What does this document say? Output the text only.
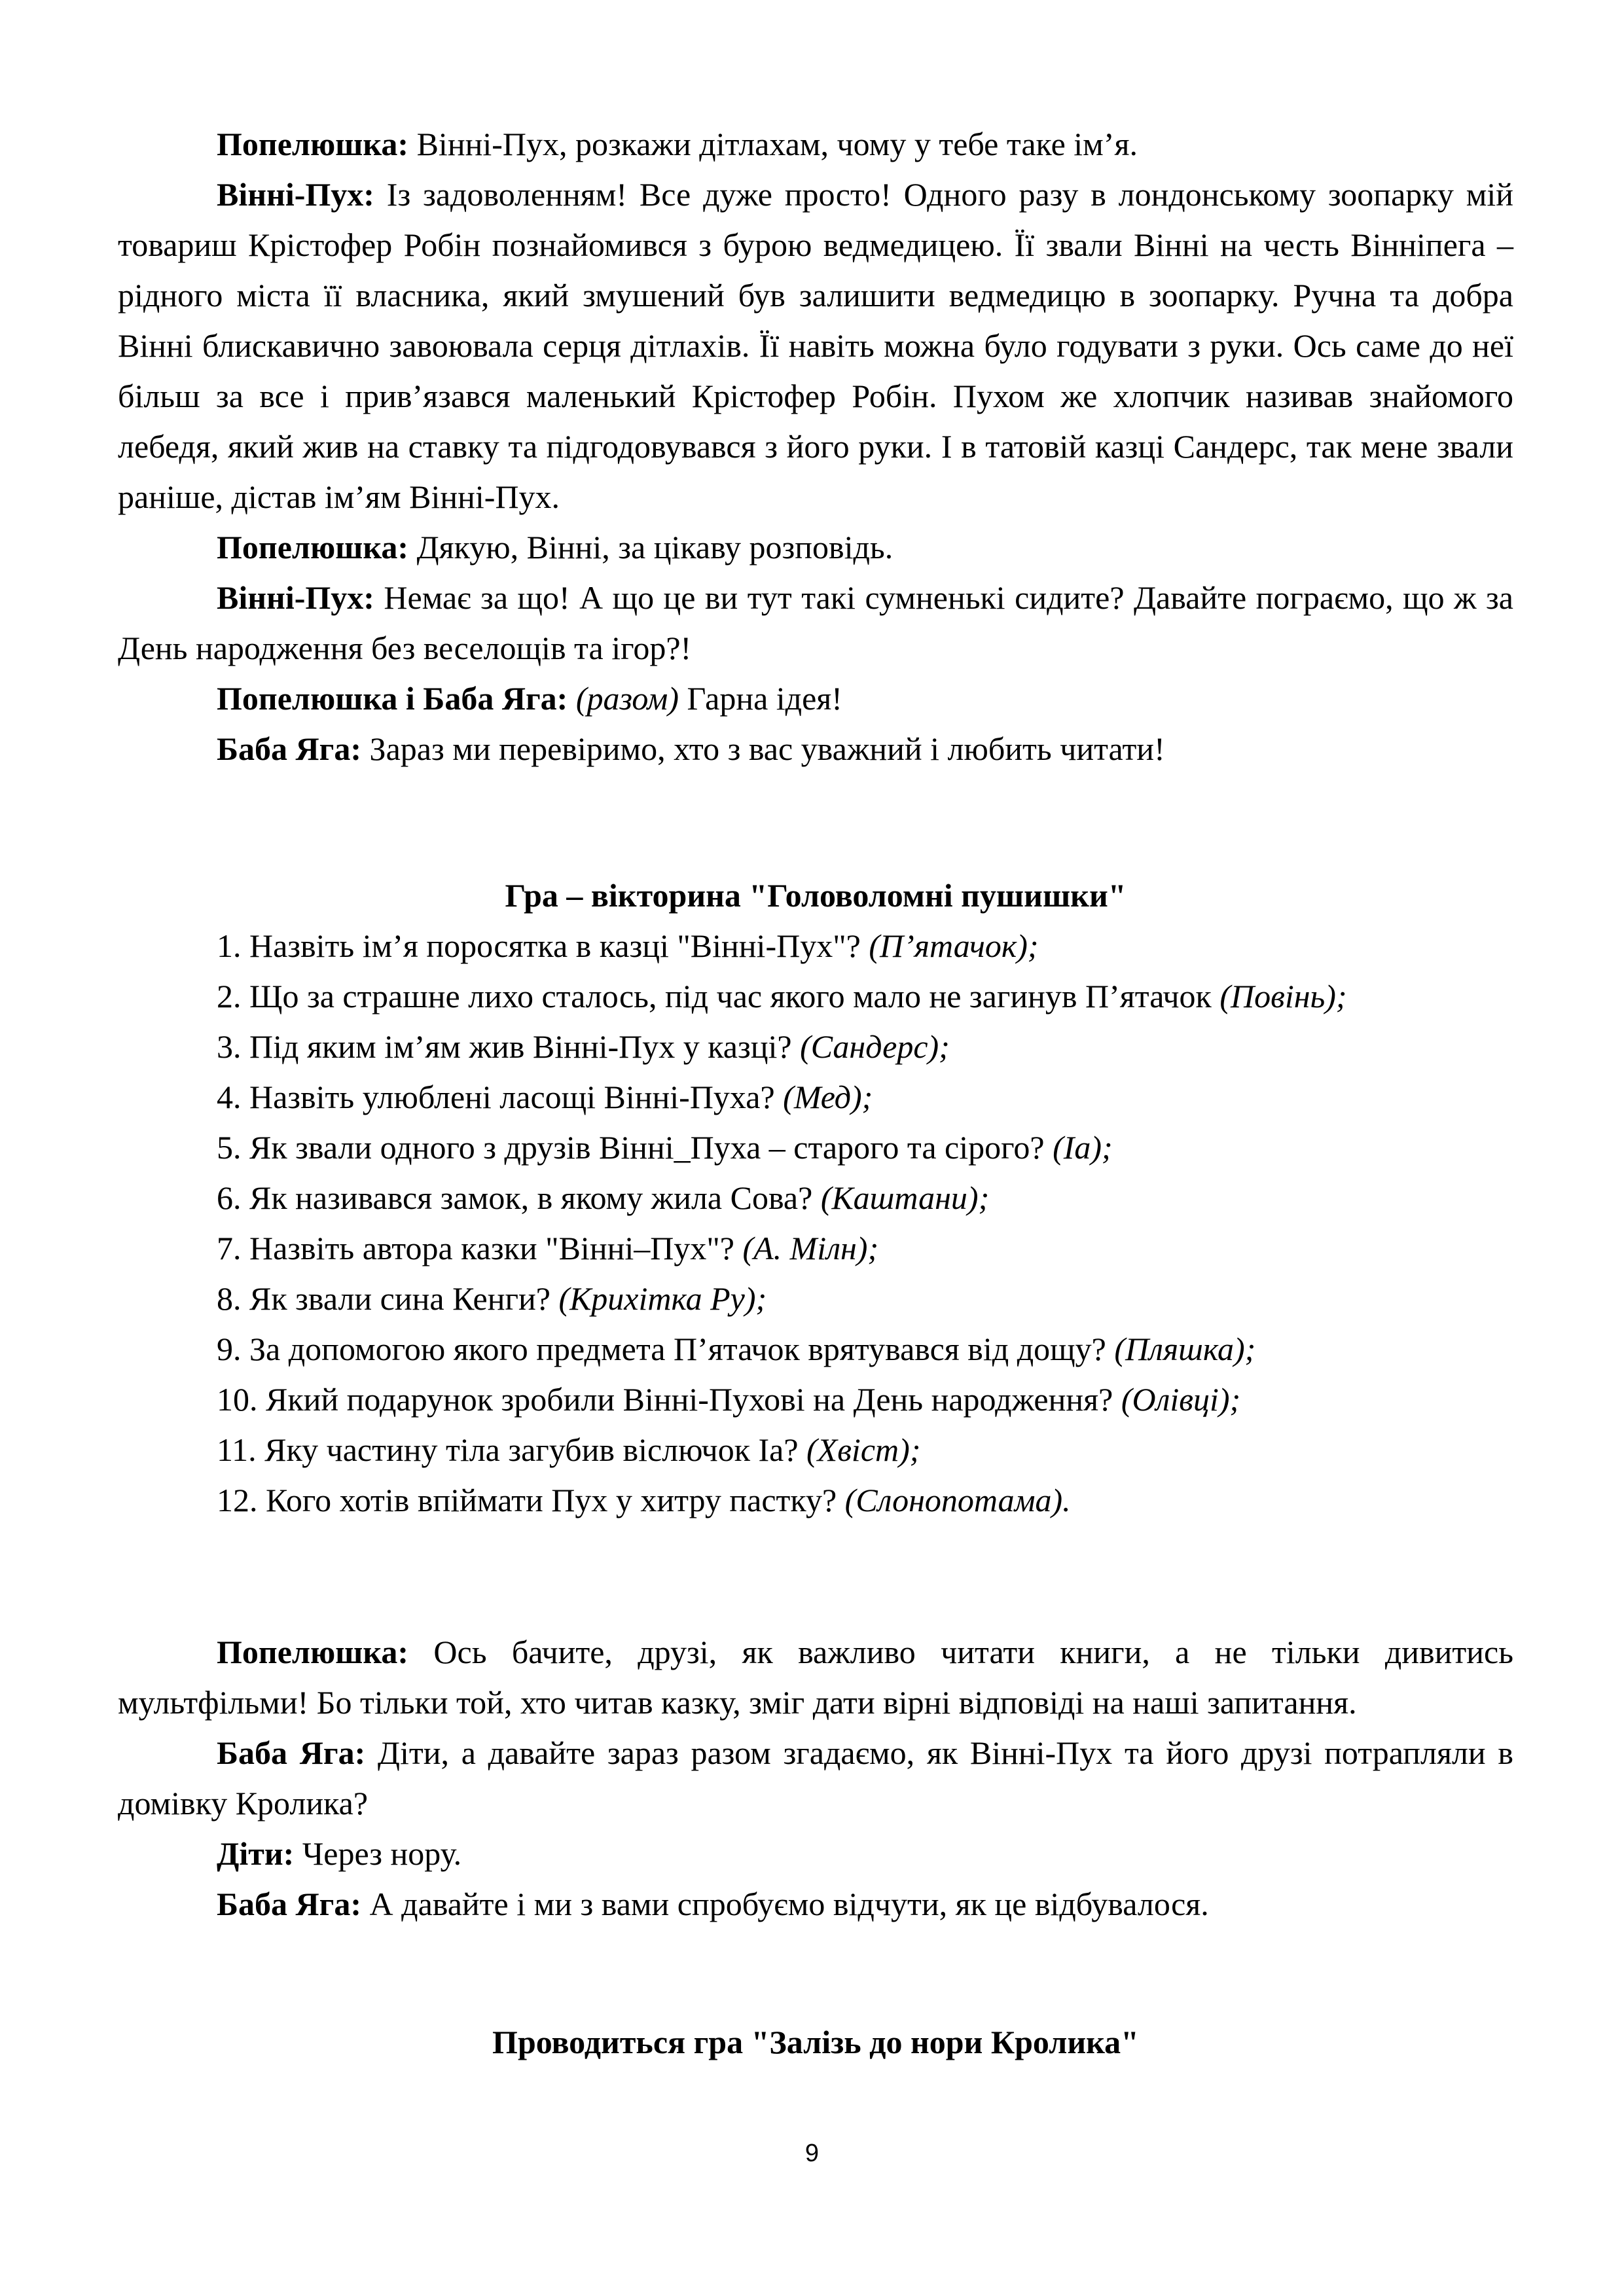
Попелюшка: Вінні-Пух, розкажи дітлахам, чому у тебе таке ім’я.

Вінні-Пух: Із задоволенням! Все дуже просто! Одного разу в лондонському зоопарку мій товариш Крістофер Робін познайомився з бурою ведмедицею. Її звали Вінні на честь Вінніпега – рідного міста її власника, який змушений був залишити ведмедицю в зоопарку. Ручна та добра Вінні блискавично завоювала серця дітлахів. Її навіть можна було годувати з руки. Ось саме до неї більш за все і прив’язався маленький Крістофер Робін. Пухом же хлопчик називав знайомого лебедя, який жив на ставку та підгодовувався з його руки. І в татовій казці Сандерс, так мене звали раніше, дістав ім’ям Вінні-Пух.

Попелюшка: Дякую, Вінні, за цікаву розповідь.

Вінні-Пух: Немає за що! А що це ви тут такі сумненькі сидите? Давайте пограємо, що ж за День народження без веселощів та ігор?!

Попелюшка і Баба Яга: (разом) Гарна ідея!

Баба Яга: Зараз ми перевіримо, хто з вас уважний і любить читати!

Гра – вікторина "Головоломні пушишки"

1. Назвіть ім’я поросятка в казці "Вінні-Пух"? (П’ятачок);

2. Що за страшне лихо сталось, під час якого мало не загинув П’ятачок (Повінь);

3. Під яким ім’ям жив Вінні-Пух у казці? (Сандерс);

4. Назвіть улюблені ласощі Вінні-Пуха? (Мед);

5. Як звали одного з друзів Вінні_Пуха – старого та сірого? (Іа);

6. Як називався замок, в якому жила Сова? (Каштани);

7. Назвіть автора казки "Вінні–Пух"? (А. Мілн);

8. Як звали сина Кенги? (Крихітка Ру);

9. За допомогою якого предмета П’ятачок врятувався від дощу? (Пляшка);

10. Який подарунок зробили Вінні-Пухові на День народження? (Олівці);

11. Яку частину тіла загубив віслючок Іа? (Хвіст);

12. Кого хотів впіймати Пух у хитру пастку? (Слонопотама).

Попелюшка: Ось бачите, друзі, як важливо читати книги, а не тільки дивитись мультфільми! Бо тільки той, хто читав казку, зміг дати вірні відповіді на наші запитання.

Баба Яга: Діти, а давайте зараз разом згадаємо, як Вінні-Пух та його друзі потрапляли в домівку Кролика?

Діти: Через нору.

Баба Яга: А давайте і ми з вами спробуємо відчути, як це відбувалося.

Проводиться гра "Залізь до нори Кролика"

9
